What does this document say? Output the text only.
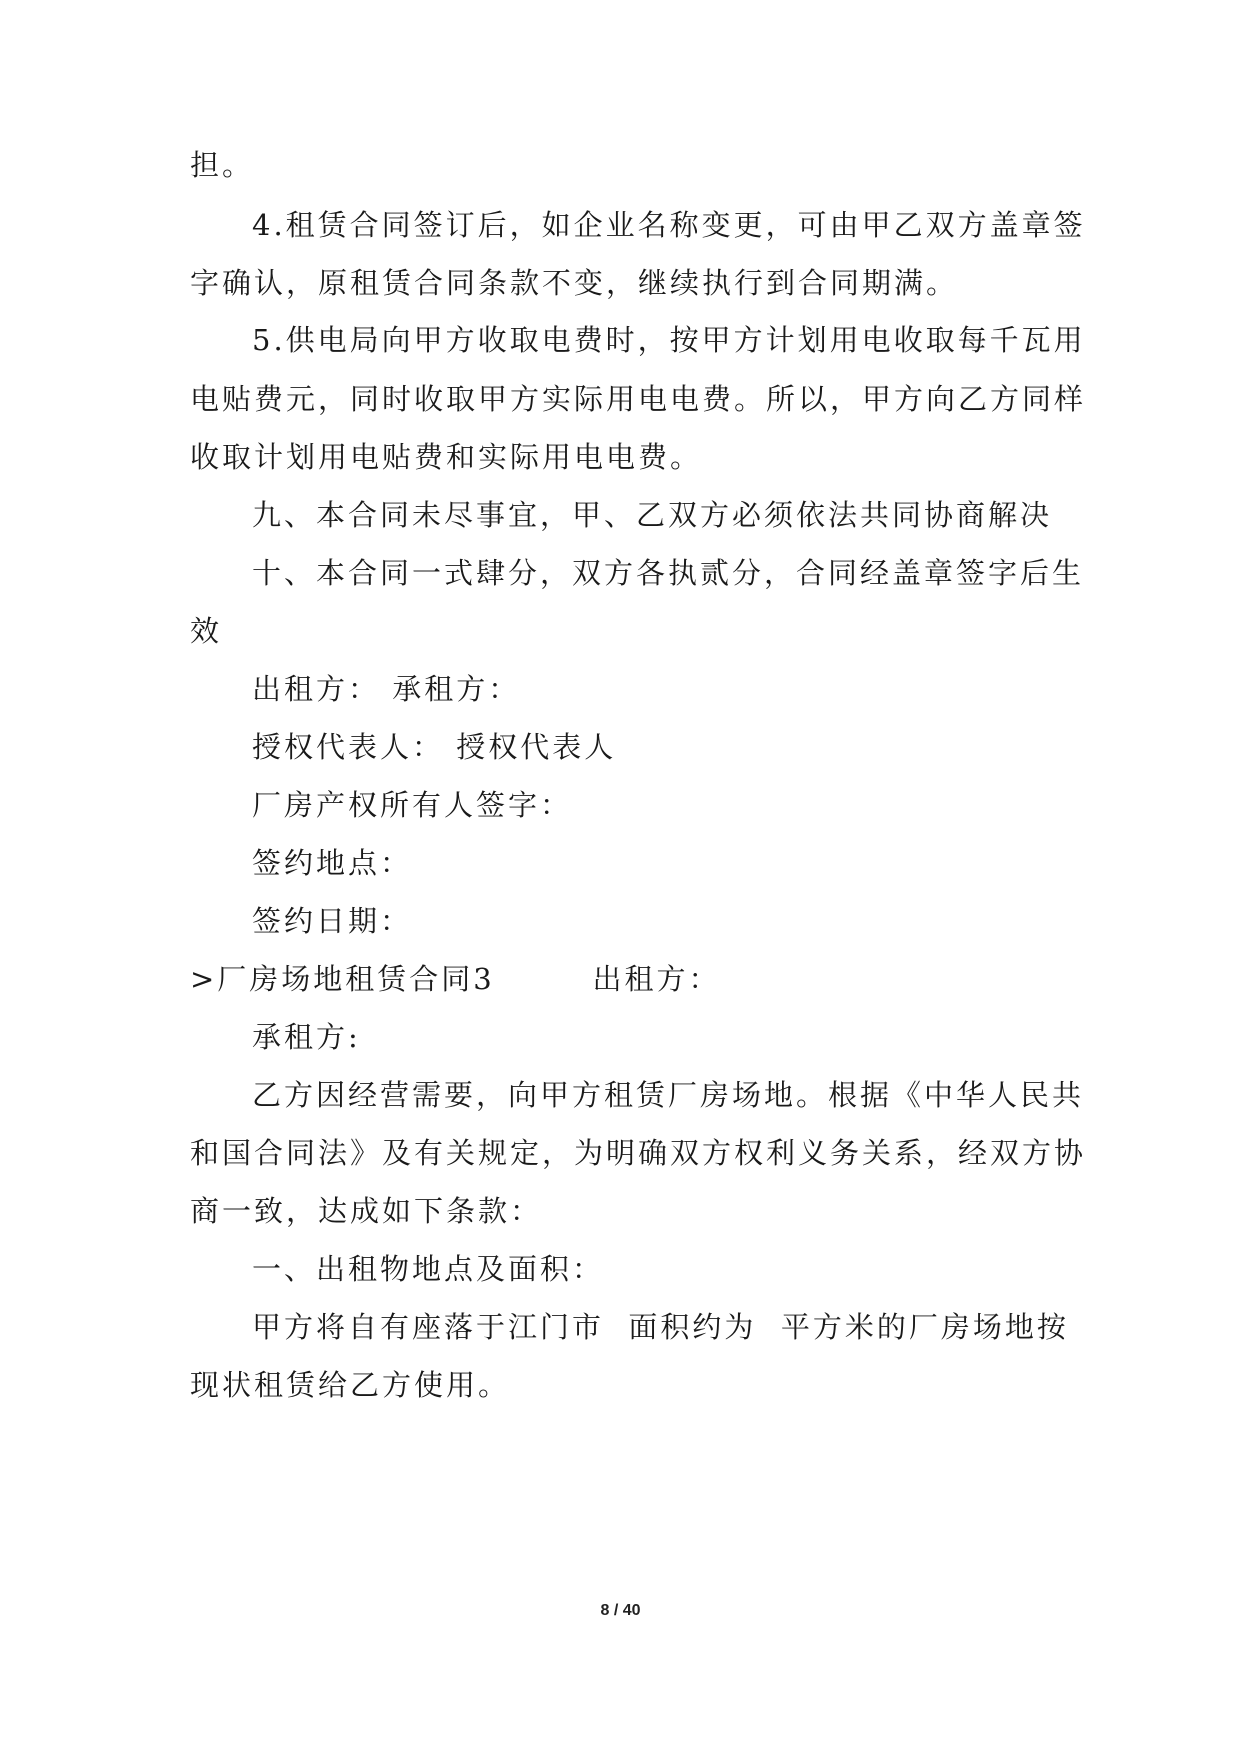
担。
4.租赁合同签订后，如企业名称变更，可由甲乙双方盖章签
字确认，原租赁合同条款不变，继续执行到合同期满。
5.供电局向甲方收取电费时，按甲方计划用电收取每千瓦用
电贴费元，同时收取甲方实际用电电费。所以，甲方向乙方同样
收取计划用电贴费和实际用电电费。
九、本合同未尽事宜，甲、乙双方必须依法共同协商解决
十、本合同一式肆分，双方各执贰分，合同经盖章签字后生
效
出租方： 承租方：
授权代表人： 授权代表人
厂房产权所有人签字：
签约地点：
签约日期：
>厂房场地租赁合同3        出租方：
承租方:
乙方因经营需要，向甲方租赁厂房场地。根据《中华人民共
和国合同法》及有关规定，为明确双方权利义务关系，经双方协
商一致，达成如下条款：
一、出租物地点及面积：
甲方将自有座落于江门市  面积约为  平方米的厂房场地按
现状租赁给乙方使用。
8 / 40
